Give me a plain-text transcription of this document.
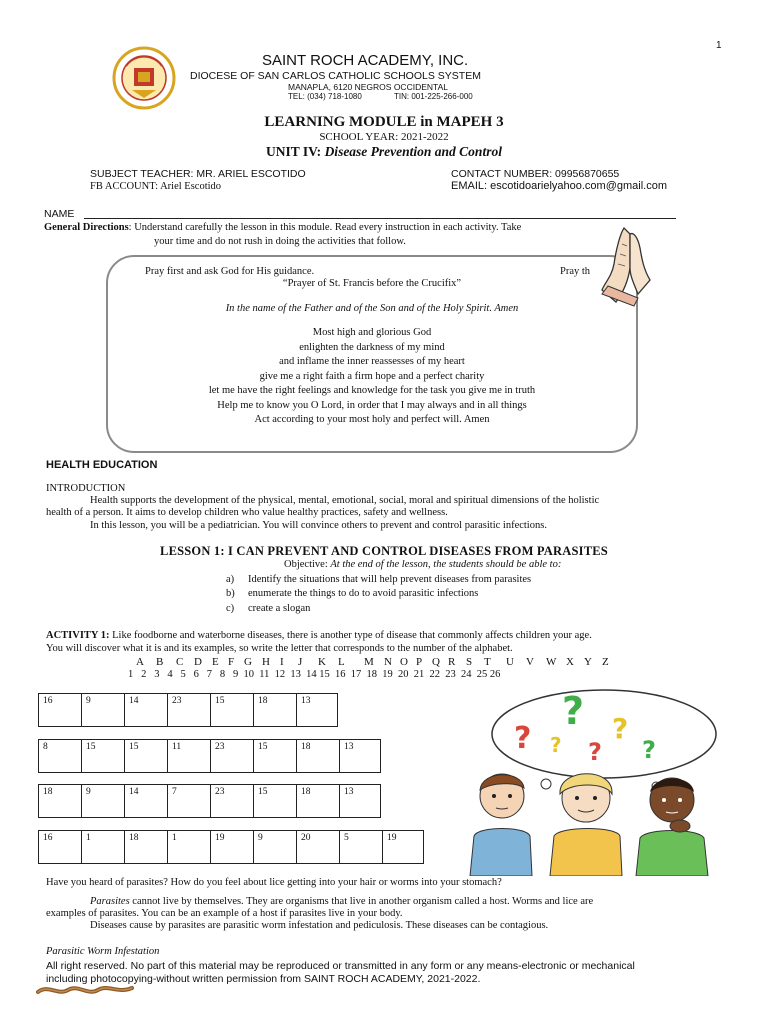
1
SAINT ROCH ACADEMY, INC.
DIOCESE OF SAN CARLOS CATHOLIC SCHOOLS SYSTEM
MANAPLA, 6120 NEGROS OCCIDENTAL
TEL: (034) 718-1080	TIN: 001-225-266-000
LEARNING MODULE in MAPEH 3
SCHOOL YEAR: 2021-2022
UNIT IV: Disease Prevention and Control
SUBJECT TEACHER: MR. ARIEL ESCOTIDO
FB ACCOUNT: Ariel Escotido
CONTACT NUMBER: 09956870655
EMAIL: escotidoarielyahoo.com@gmail.com
NAME
General Directions: Understand carefully the lesson in this module. Read every instruction in each activity. Take
your time and do not rush in doing the activities that follow.
Pray first and ask God for His guidance.	Pray th
“Prayer of St. Francis before the Crucifix”
In the name of the Father and of the Son and of the Holy Spirit. Amen
Most high and glorious God
enlighten the darkness of my mind
and inflame the inner reassesses of my heart
give me a right faith a firm hope and a perfect charity
let me have the right feelings and knowledge for the task you give me in truth
Help me to know you O Lord, in order that I may always and in all things
Act according to your most holy and perfect will. Amen
HEALTH EDUCATION
INTRODUCTION
Health supports the development of the physical, mental, emotional, social, moral and spiritual dimensions of the holistic
health of a person. It aims to develop children who value healthy practices, safety and wellness.
In this lesson, you will be a pediatrician. You will convince others to prevent and control parasitic infections.
LESSON 1: I CAN PREVENT AND CONTROL DISEASES FROM PARASITES
Objective: At the end of the lesson, the students should be able to:
a) Identify the situations that will help prevent diseases from parasites
b) enumerate the things to do to avoid parasitic infections
c) create a slogan
ACTIVITY 1: Like foodborne and waterborne diseases, there is another type of disease that commonly affects children your age.
You will discover what it is and its examples, so write the letter that corresponds to the number of the alphabet.
A B C D E F G H I J K L M N O P Q R S T U V W X Y Z
1   2   3   4   5   6   7   8   9  10  11  12  13  14 15  16  17  18  19  20  21  22  23  24  25 26
16	9	14	23	15	18	13
8	15	15	11	23	15	18	13
18	9	14	7	23	15	18	13
16	1	18	1	19	9	20	5	19
?
?
? ?
?
?
Have you heard of parasites? How do you feel about lice getting into your hair or worms into your stomach?
Parasites cannot live by themselves. They are organisms that live in another organism called a host. Worms and lice are
examples of parasites. You can be an example of a host if parasites live in your body.
Diseases cause by parasites are parasitic worm infestation and pediculosis. These diseases can be contagious.
Parasitic Worm Infestation
All right reserved. No part of this material may be reproduced or transmitted in any form or any means-electronic or mechanical
including photocopying-without written permission from SAINT ROCH ACADEMY, 2021-2022.
